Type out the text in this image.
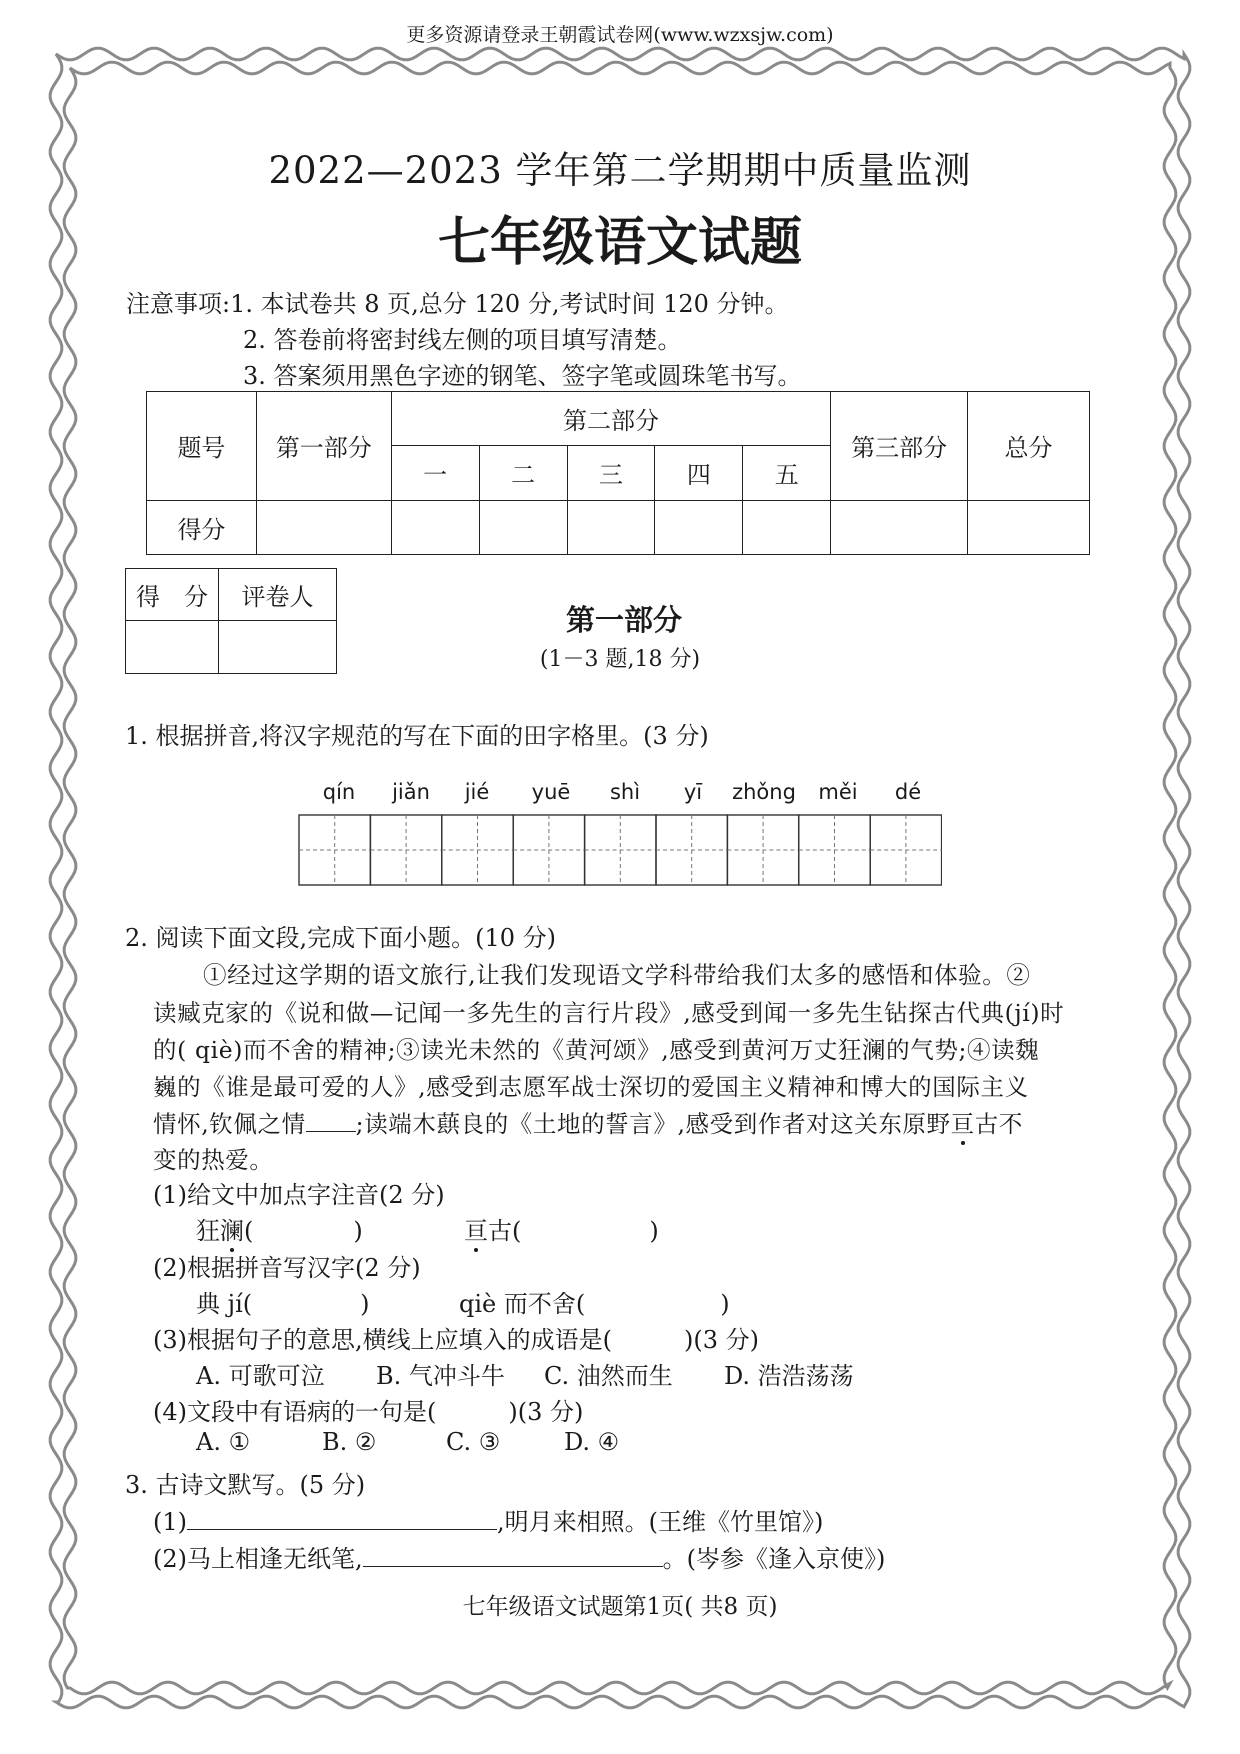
更多资源请登录王朝霞试卷网(www.wzxsjw.com)
2022—2023 学年第二学期期中质量监测
七年级语文试题
注意事项:1. 本试卷共 8 页,总分 120 分,考试时间 120 分钟。
2. 答卷前将密封线左侧的项目填写清楚。
3. 答案须用黑色字迹的钢笔、签字笔或圆珠笔书写。
题号	第一部分	第二部分					第三部分	总分
		一	二	三	四	五		
得分								
得　分	评卷人

第一部分
(1－3 题,18 分)
1. 根据拼音,将汉字规范的写在下面的田字格里。(3 分)
qín	jiǎn	jié	yuē	shì	yī	zhǒng	měi	dé
2. 阅读下面文段,完成下面小题。(10 分)
①经过这学期的语文旅行,让我们发现语文学科带给我们太多的感悟和体验。②
读臧克家的《说和做—记闻一多先生的言行片段》,感受到闻一多先生钻探古代典(jí)时
的( qiè)而不舍的精神;③读光未然的《黄河颂》,感受到黄河万丈狂澜的气势;④读魏
巍的《谁是最可爱的人》,感受到志愿军战士深切的爱国主义精神和博大的国际主义
情怀,钦佩之情 ;读端木蕻良的《土地的誓言》,感受到作者对这关东原野亘古不
变的热爱。
(1)给文中加点字注音(2 分)
狂澜(	)	亘古(	)
(2)根据拼音写汉字(2 分)
典 jí(	)	qiè 而不舍(	)
(3)根据句子的意思,横线上应填入的成语是(　　　)(3 分)
A. 可歌可泣 B. 气冲斗牛 C. 油然而生 D. 浩浩荡荡
(4)文段中有语病的一句是(　　　)(3 分)
A. ①	B. ②	C. ③	D. ④
3. 古诗文默写。(5 分)
(1)	,明月来相照。(王维《竹里馆》)
(2)马上相逢无纸笔,	。(岑参《逢入京使》)
七年级语文试题第1页( 共8 页)
